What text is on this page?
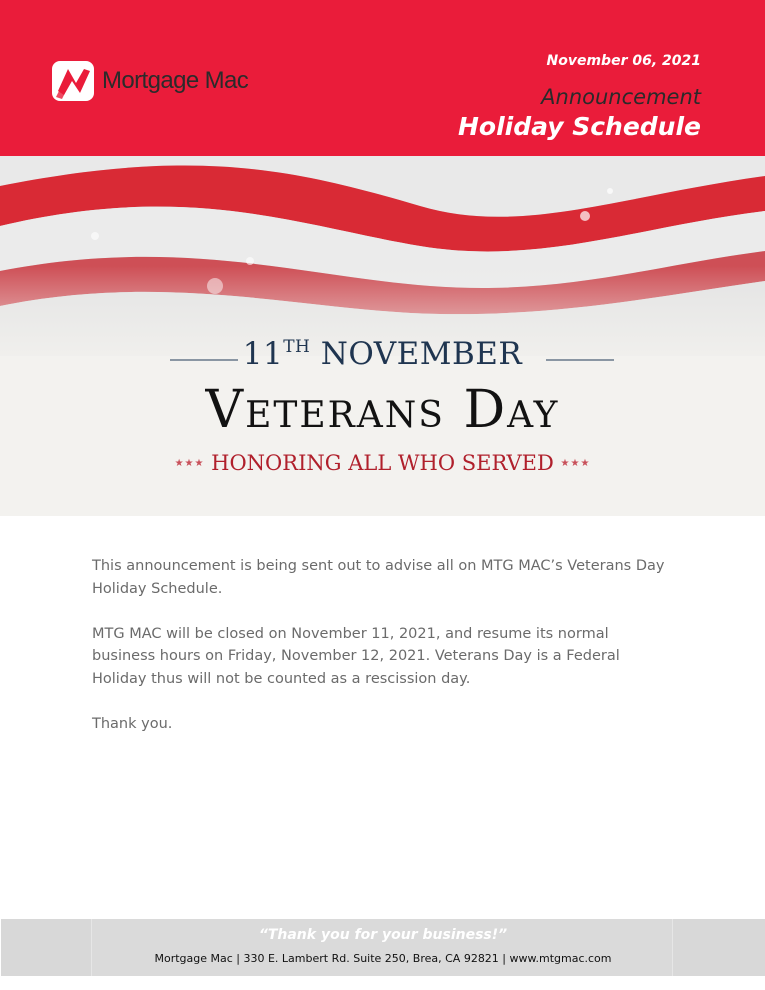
Mortgage Mac
November 06, 2021
Announcement
Holiday Schedule
11TH NOVEMBER
Veterans Day
★★★ HONORING ALL WHO SERVED ★★★

This announcement is being sent out to advise all on MTG MAC’s Veterans Day Holiday Schedule.

MTG MAC will be closed on November 11, 2021, and resume its normal business hours on Friday, November 12, 2021. Veterans Day is a Federal Holiday thus will not be counted as a rescission day.

Thank you.

“Thank you for your business!”
Mortgage Mac | 330 E. Lambert Rd. Suite 250, Brea, CA 92821 | www.mtgmac.com
